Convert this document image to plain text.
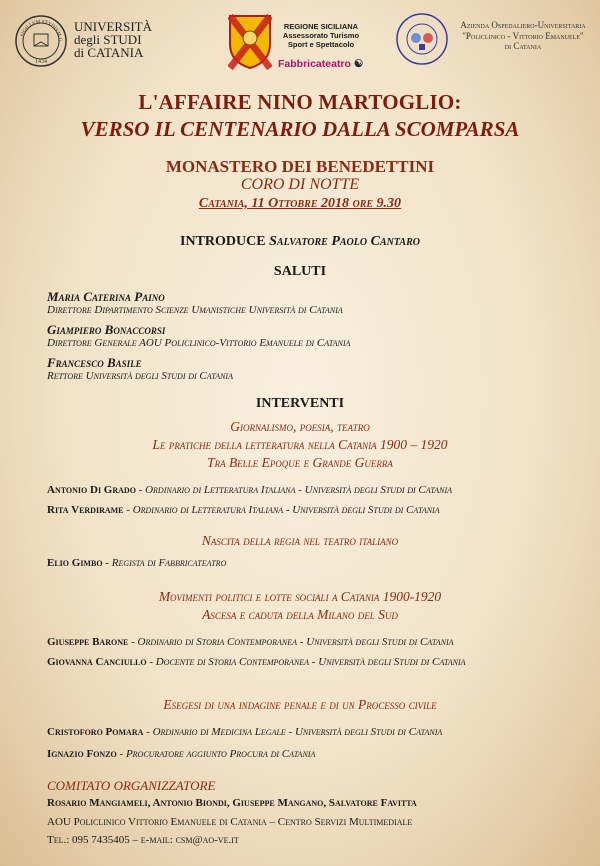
SIGILLVM STVDIVM G
1434
UNIVERSITÀ
degli STUDI
di CATANIA
REGIONE SICILIANA
Assessorato Turismo
Sport e Spettacolo
Fabbricateatro ☯
Azienda Ospedaliero-Universitaria
"Policlinico - Vittorio Emanuele"
di Catania
L'AFFAIRE NINO MARTOGLIO:
VERSO IL CENTENARIO DALLA SCOMPARSA
MONASTERO DEI BENEDETTINI
CORO DI NOTTE
Catania, 11 Ottobre 2018 ore 9.30
INTRODUCE Salvatore Paolo Cantaro
SALUTI
Maria Caterina Paino
Direttore Dipartimento Scienze Umanistiche Università di Catania
Giampiero Bonaccorsi
Direttore Generale AOU Policlinico-Vittorio Emanuele di Catania
Francesco Basile
Rettore Università degli Studi di Catania
INTERVENTI
Giornalismo, poesia, teatro
Le pratiche della letteratura nella Catania 1900 – 1920
Tra Belle Epoque e Grande Guerra
Antonio Di Grado - Ordinario di Letteratura Italiana - Università degli Studi di Catania
Rita Verdirame - Ordinario di Letteratura Italiana - Università degli Studi di Catania
Nascita della regia nel teatro italiano
Elio Gimbo - Regista di Fabbricateatro
Movimenti politici e lotte sociali a Catania 1900-1920
Ascesa e caduta della Milano del Sud
Giuseppe Barone - Ordinario di Storia Contemporanea - Università degli Studi di Catania
Giovanna Canciullo - Docente di Storia Contemporanea - Università degli Studi di Catania
Esegesi di una indagine penale e di un Processo civile
Cristoforo Pomara - Ordinario di Medicina Legale - Università degli Studi di Catania
Ignazio Fonzo - Procuratore aggiunto Procura di Catania
COMITATO ORGANIZZATORE
Rosario Mangiameli, Antonio Biondi, Giuseppe Mangano, Salvatore Favitta
AOU Policlinico Vittorio Emanuele di Catania – Centro Servizi Multimediale
Tel.: 095 7435405 – e-mail: csm@ao-ve.it
